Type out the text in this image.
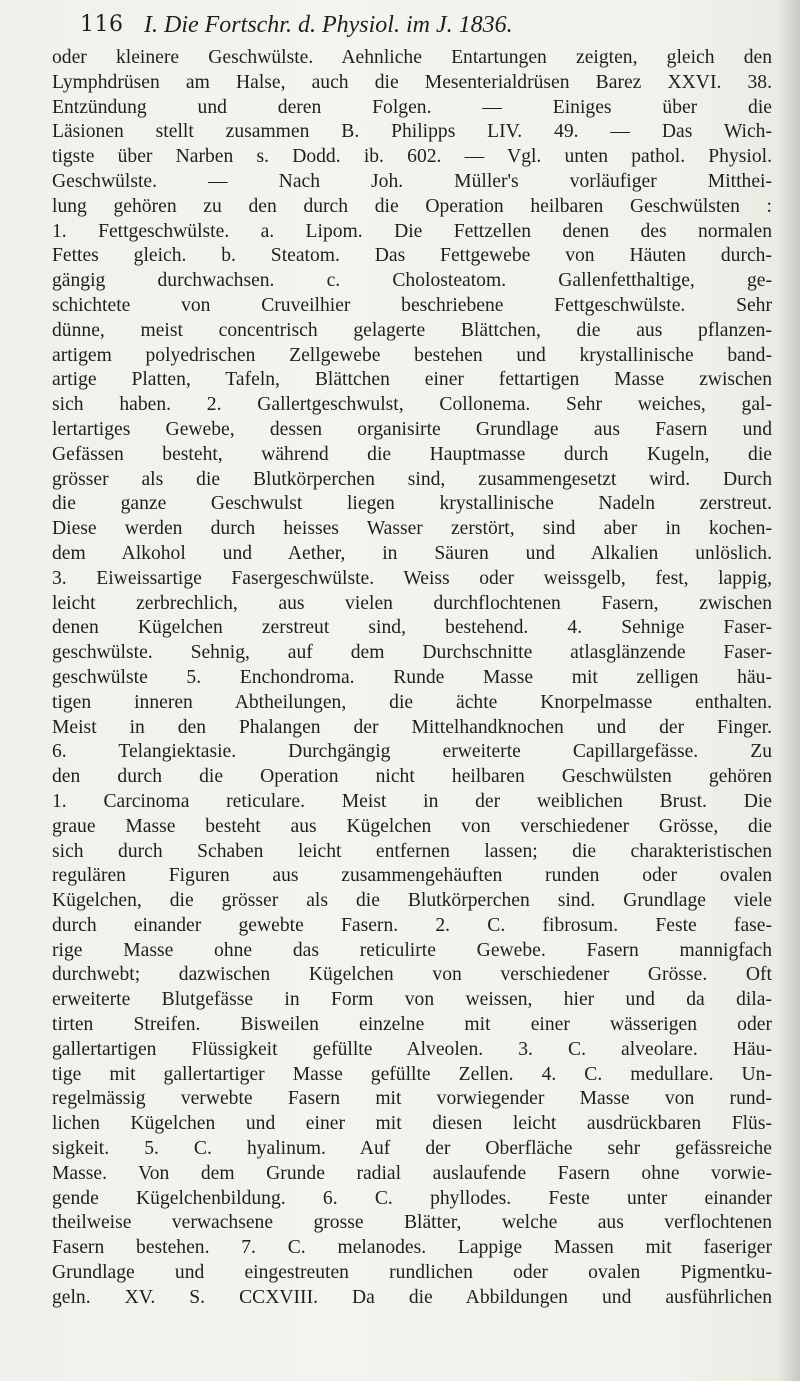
116 I. Die Fortschr. d. Physiol. im J. 1836.
oder kleinere Geschwülste. Aehnliche Entartungen zeigten, gleich den
Lymphdrüsen am Halse, auch die Mesenterialdrüsen Barez XXVI. 38.
Entzündung und deren Folgen. — Einiges über die
Läsionen stellt zusammen B. Philipps LIV. 49. — Das Wich-
tigste über Narben s. Dodd. ib. 602. — Vgl. unten pathol. Physiol.
Geschwülste. — Nach Joh. Müller's vorläufiger Mitthei-
lung gehören zu den durch die Operation heilbaren Geschwülsten :
1. Fettgeschwülste. a. Lipom. Die Fettzellen denen des normalen
Fettes gleich. b. Steatom. Das Fettgewebe von Häuten durch-
gängig durchwachsen. c. Cholosteatom. Gallenfetthaltige, ge-
schichtete von Cruveilhier beschriebene Fettgeschwülste. Sehr
dünne, meist concentrisch gelagerte Blättchen, die aus pflanzen-
artigem polyedrischen Zellgewebe bestehen und krystallinische band-
artige Platten, Tafeln, Blättchen einer fettartigen Masse zwischen
sich haben. 2. Gallertgeschwulst, Collonema. Sehr weiches, gal-
lertartiges Gewebe, dessen organisirte Grundlage aus Fasern und
Gefässen besteht, während die Hauptmasse durch Kugeln, die
grösser als die Blutkörperchen sind, zusammengesetzt wird. Durch
die ganze Geschwulst liegen krystallinische Nadeln zerstreut.
Diese werden durch heisses Wasser zerstört, sind aber in kochen-
dem Alkohol und Aether, in Säuren und Alkalien unlöslich.
3. Eiweissartige Fasergeschwülste. Weiss oder weissgelb, fest, lappig,
leicht zerbrechlich, aus vielen durchflochtenen Fasern, zwischen
denen Kügelchen zerstreut sind, bestehend. 4. Sehnige Faser-
geschwülste. Sehnig, auf dem Durchschnitte atlasglänzende Faser-
geschwülste 5. Enchondroma. Runde Masse mit zelligen häu-
tigen inneren Abtheilungen, die ächte Knorpelmasse enthalten.
Meist in den Phalangen der Mittelhandknochen und der Finger.
6. Telangiektasie. Durchgängig erweiterte Capillargefässe. Zu
den durch die Operation nicht heilbaren Geschwülsten gehören
1. Carcinoma reticulare. Meist in der weiblichen Brust. Die
graue Masse besteht aus Kügelchen von verschiedener Grösse, die
sich durch Schaben leicht entfernen lassen; die charakteristischen
regulären Figuren aus zusammengehäuften runden oder ovalen
Kügelchen, die grösser als die Blutkörperchen sind. Grundlage viele
durch einander gewebte Fasern. 2. C. fibrosum. Feste fase-
rige Masse ohne das reticulirte Gewebe. Fasern mannigfach
durchwebt; dazwischen Kügelchen von verschiedener Grösse. Oft
erweiterte Blutgefässe in Form von weissen, hier und da dila-
tirten Streifen. Bisweilen einzelne mit einer wässerigen oder
gallertartigen Flüssigkeit gefüllte Alveolen. 3. C. alveolare. Häu-
tige mit gallertartiger Masse gefüllte Zellen. 4. C. medullare. Un-
regelmässig verwebte Fasern mit vorwiegender Masse von rund-
lichen Kügelchen und einer mit diesen leicht ausdrückbaren Flüs-
sigkeit. 5. C. hyalinum. Auf der Oberfläche sehr gefässreiche
Masse. Von dem Grunde radial auslaufende Fasern ohne vorwie-
gende Kügelchenbildung. 6. C. phyllodes. Feste unter einander
theilweise verwachsene grosse Blätter, welche aus verflochtenen
Fasern bestehen. 7. C. melanodes. Lappige Massen mit faseriger
Grundlage und eingestreuten rundlichen oder ovalen Pigmentku-
geln. XV. S. CCXVIII. Da die Abbildungen und ausführlichen
